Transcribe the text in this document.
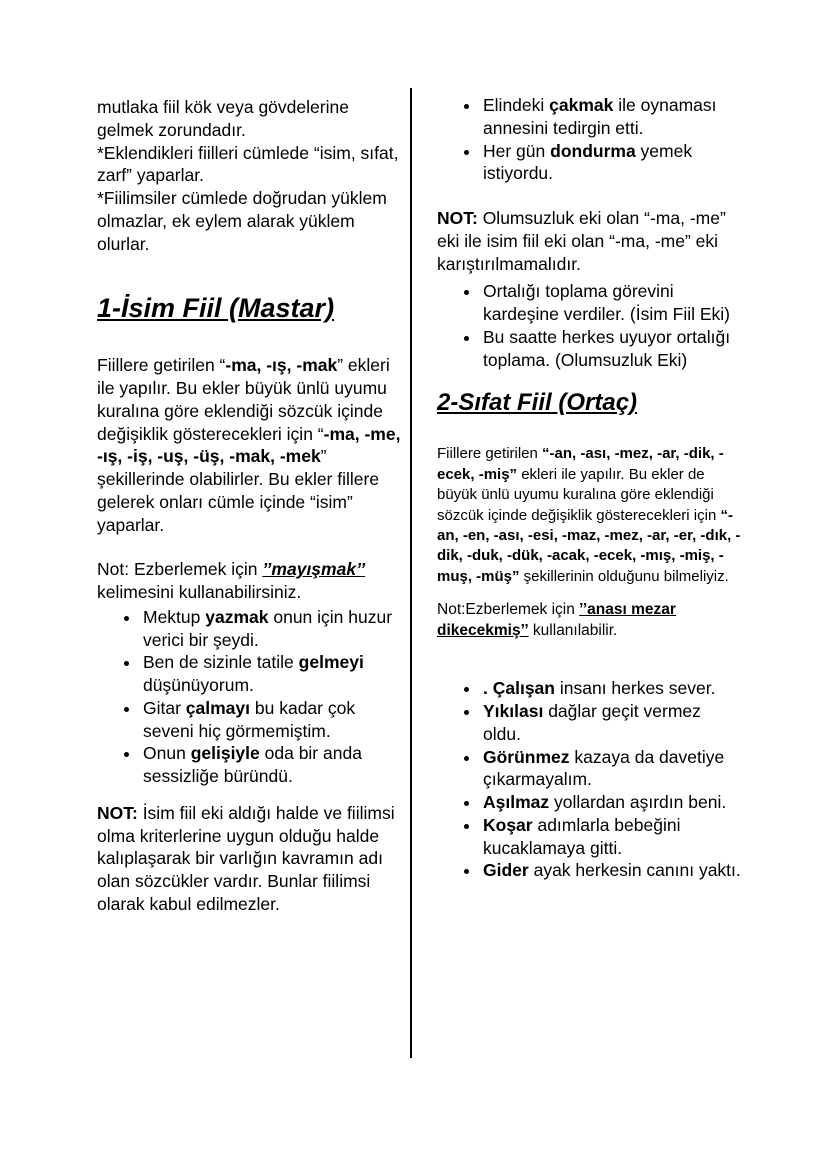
mutlaka fiil kök veya gövdelerine gelmek zorundadır.

*Eklendikleri fiilleri cümlede “isim, sıfat, zarf” yaparlar.

*Fiilimsiler cümlede doğrudan yüklem olmazlar, ek eylem alarak yüklem olurlar.

1-İsim Fiil (Mastar)

Fiillere getirilen “-ma, -ış, -mak” ekleri ile yapılır. Bu ekler büyük ünlü uyumu kuralına göre eklendiği sözcük içinde değişiklik gösterecekleri için “-ma, -me, -ış, -iş, -uş, -üş, -mak, -mek” şekillerinde olabilirler. Bu ekler fillere gelerek onları cümle içinde “isim” yaparlar.

Not: Ezberlemek için ’’mayışmak’’ kelimesini kullanabilirsiniz.

• Mektup yazmak onun için huzur verici bir şeydi.
• Ben de sizinle tatile gelmeyi düşünüyorum.
• Gitar çalmayı bu kadar çok seveni hiç görmemiştim.
• Onun gelişiyle oda bir anda sessizliğe büründü.

NOT: İsim fiil eki aldığı halde ve fiilimsi olma kriterlerine uygun olduğu halde kalıplaşarak bir varlığın kavramın adı olan sözcükler vardır. Bunlar fiilimsi olarak kabul edilmezler.

• Elindeki çakmak ile oynaması annesini tedirgin etti.
• Her gün dondurma yemek istiyordu.

NOT: Olumsuzluk eki olan “-ma, -me” eki ile isim fiil eki olan “-ma, -me” eki karıştırılmamalıdır.

• Ortalığı toplama görevini kardeşine verdiler. (İsim Fiil Eki)
• Bu saatte herkes uyuyor ortalığı toplama. (Olumsuzluk Eki)
2-Sıfat Fiil (Ortaç)

Fiillere getirilen “-an, -ası, -mez, -ar, -dik, -ecek, -miş” ekleri ile yapılır. Bu ekler de büyük ünlü uyumu kuralına göre eklendiği sözcük içinde değişiklik gösterecekleri için “-an, -en, -ası, -esi, -maz, -mez, -ar, -er, -dık, -dik, -duk, -dük, -acak, -ecek, -mış, -miş, -muş, -müş” şekillerinin olduğunu bilmeliyiz.

Not:Ezberlemek için ’’anası mezar dikecekmiş’’ kullanılabilir.

• . Çalışan insanı herkes sever.
• Yıkılası dağlar geçit vermez oldu.
• Görünmez kazaya da davetiye çıkarmayalım.
• Aşılmaz yollardan aşırdın beni.
• Koşar adımlarla bebeğini kucaklamaya gitti.
• Gider ayak herkesin canını yaktı.
